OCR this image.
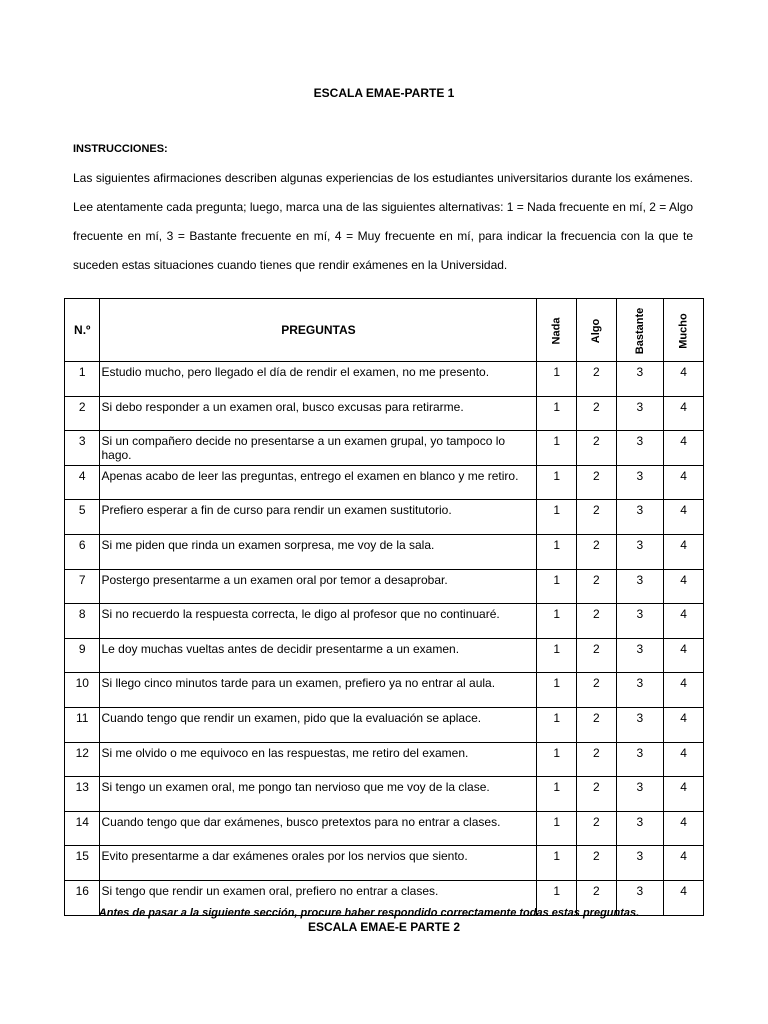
ESCALA EMAE-PARTE 1
INSTRUCCIONES:

Las siguientes afirmaciones describen algunas experiencias de los estudiantes universitarios durante los exámenes. Lee atentamente cada pregunta; luego, marca una de las siguientes alternativas: 1 = Nada frecuente en mí, 2 = Algo frecuente en mí, 3 = Bastante frecuente en mí, 4 = Muy frecuente en mí, para indicar la frecuencia con la que te suceden estas situaciones cuando tienes que rendir exámenes en la Universidad.

N.º	PREGUNTAS	Nada	Algo	Bastante	Mucho
1	Estudio mucho, pero llegado el día de rendir el examen, no me presento.	1	2	3	4
2	Si debo responder a un examen oral, busco excusas para retirarme.	1	2	3	4
3	Si un compañero decide no presentarse a un examen grupal, yo tampoco lo hago.	1	2	3	4
4	Apenas acabo de leer las preguntas, entrego el examen en blanco y me retiro.	1	2	3	4
5	Prefiero esperar a fin de curso para rendir un examen sustitutorio.	1	2	3	4
6	Si me piden que rinda un examen sorpresa, me voy de la sala.	1	2	3	4
7	Postergo presentarme a un examen oral por temor a desaprobar.	1	2	3	4
8	Si no recuerdo la respuesta correcta, le digo al profesor que no continuaré.	1	2	3	4
9	Le doy muchas vueltas antes de decidir presentarme a un examen.	1	2	3	4
10	Si llego cinco minutos tarde para un examen, prefiero ya no entrar al aula.	1	2	3	4
11	Cuando tengo que rendir un examen, pido que la evaluación se aplace.	1	2	3	4
12	Si me olvido o me equivoco en las respuestas, me retiro del examen.	1	2	3	4
13	Si tengo un examen oral, me pongo tan nervioso que me voy de la clase.	1	2	3	4
14	Cuando tengo que dar exámenes, busco pretextos para no entrar a clases.	1	2	3	4
15	Evito presentarme a dar exámenes orales por los nervios que siento.	1	2	3	4
16	Si tengo que rendir un examen oral, prefiero no entrar a clases.	1	2	3	4
Antes de pasar a la siguiente sección, procure haber respondido correctamente todas estas preguntas.
ESCALA EMAE-E PARTE 2
